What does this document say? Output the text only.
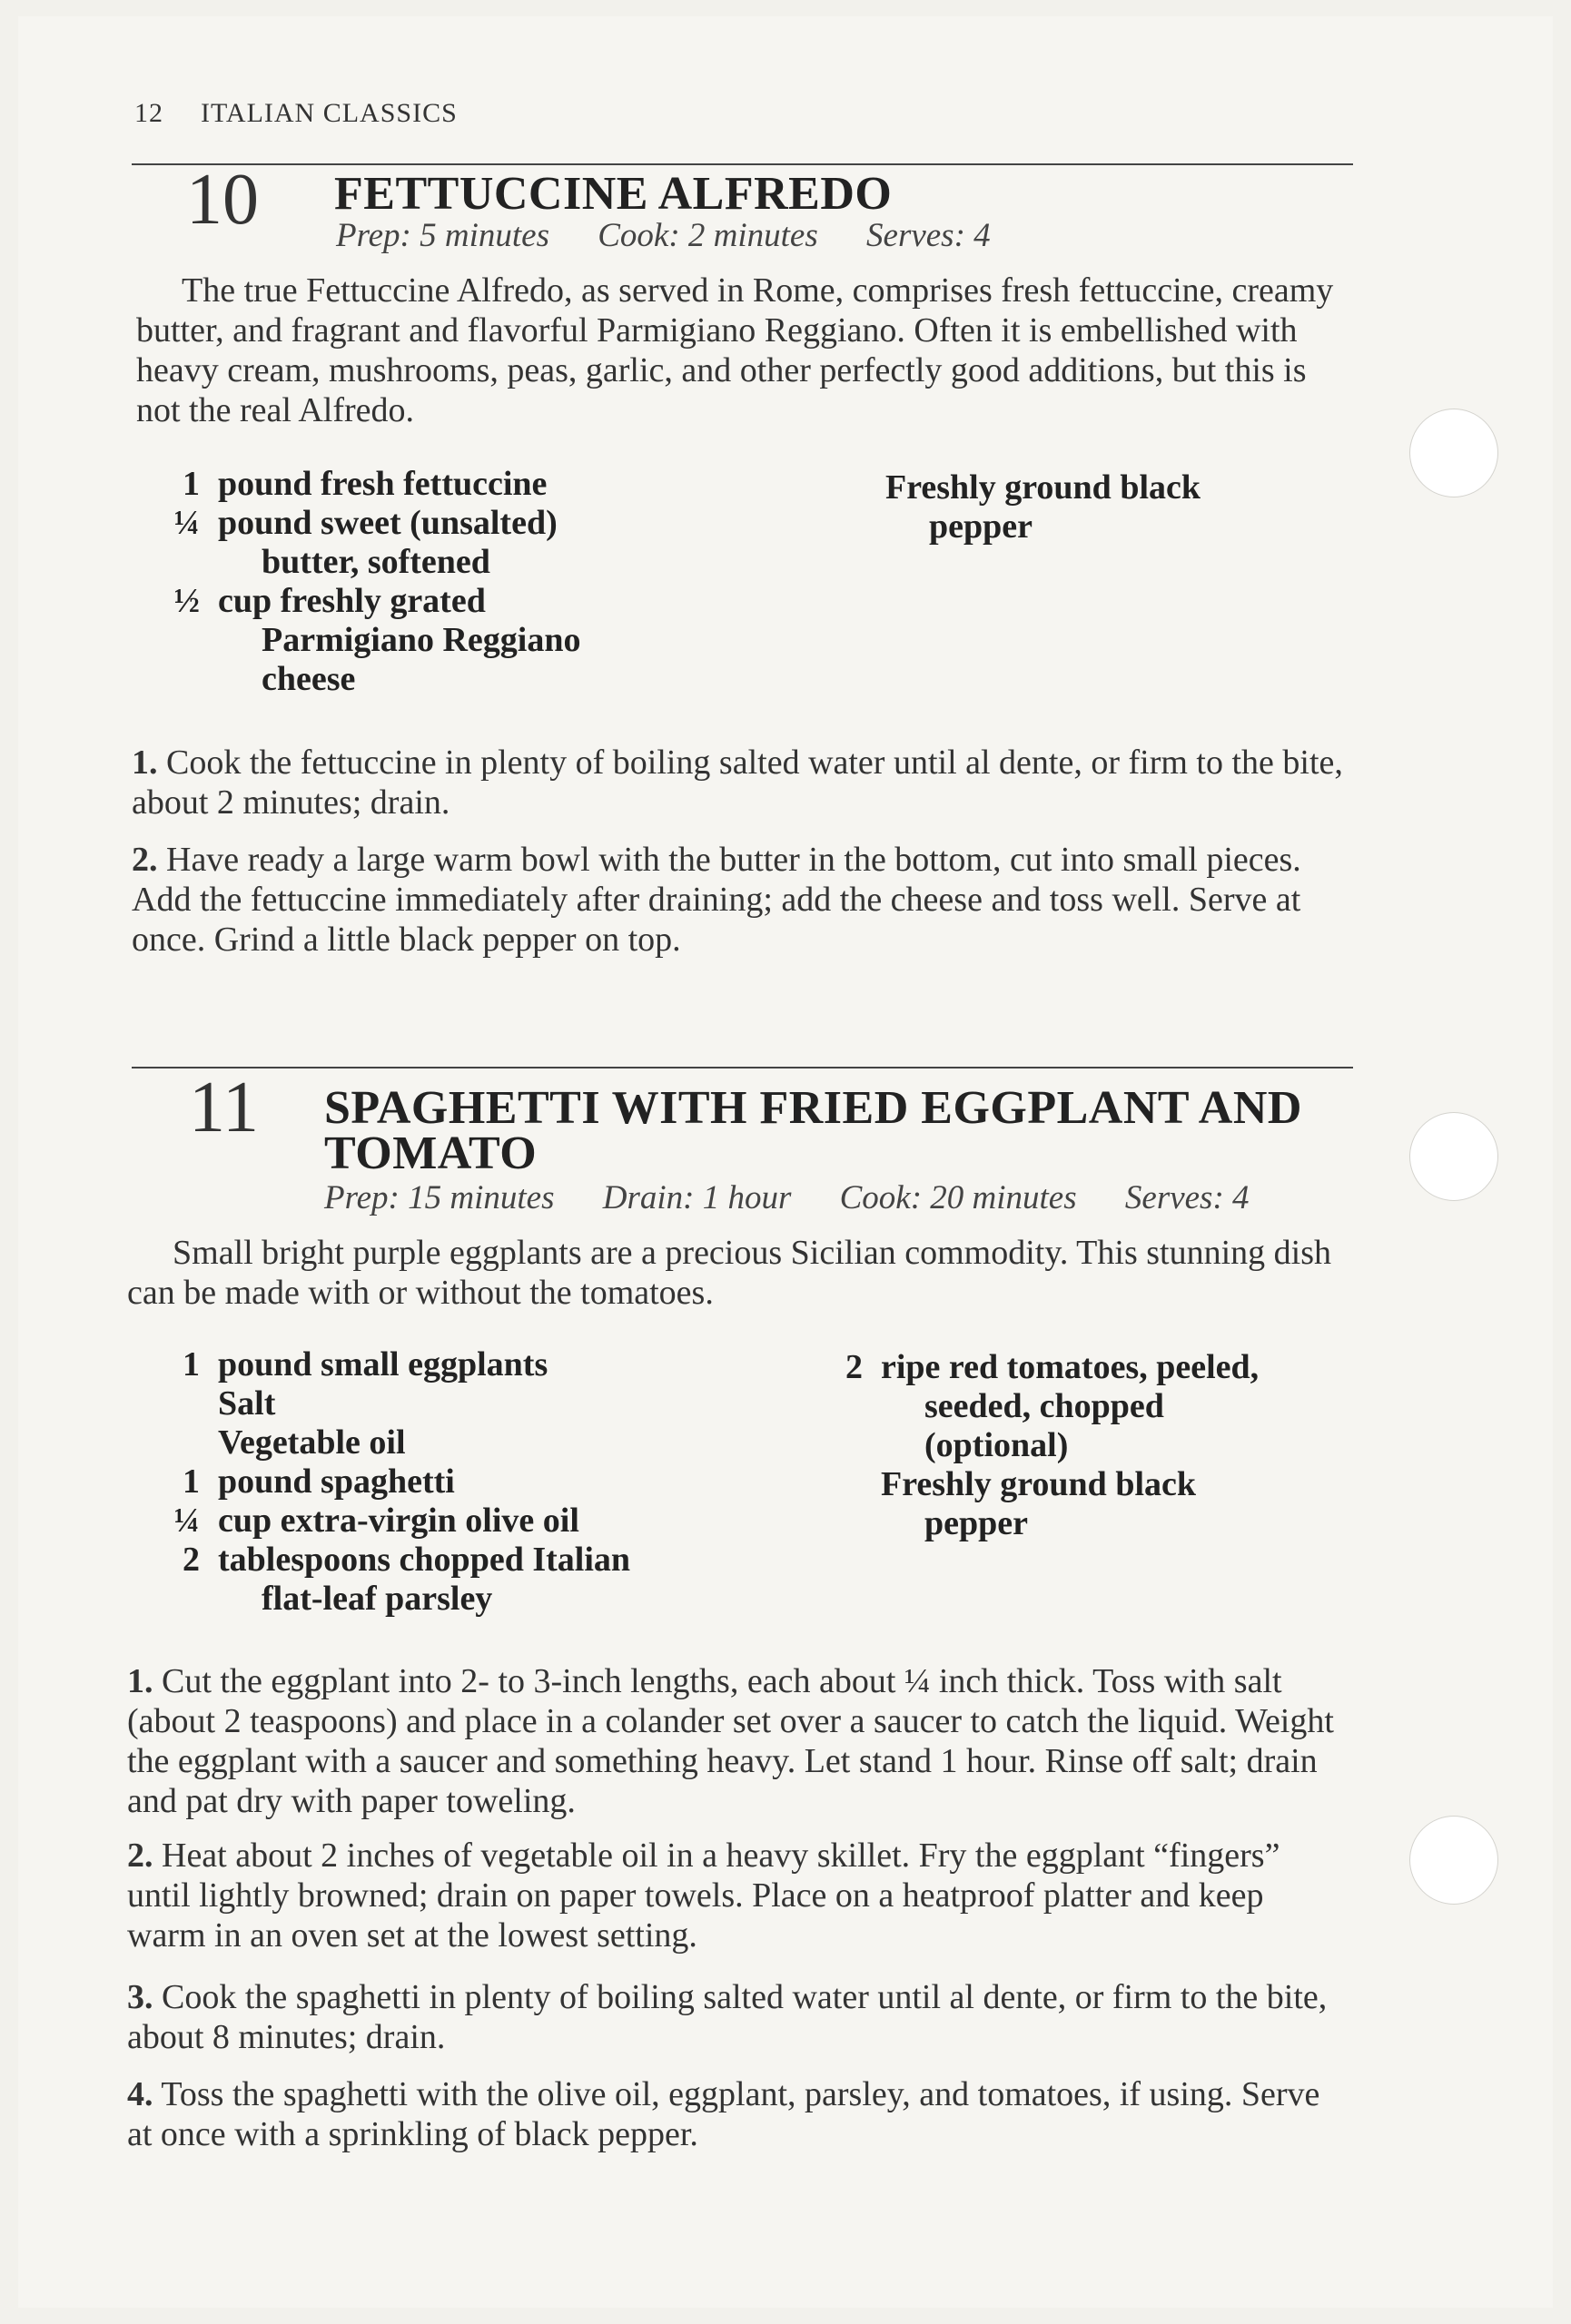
12 ITALIAN CLASSICS
10 FETTUCCINE ALFREDO
Prep: 5 minutes Cook: 2 minutes Serves: 4
The true Fettuccine Alfredo, as served in Rome, comprises fresh fettuccine, creamy butter, and fragrant and flavorful Parmigiano Reggiano. Often it is embellished with heavy cream, mushrooms, peas, garlic, and other perfectly good additions, but this is not the real Alfredo.
1 pound fresh fettuccine
¼ pound sweet (unsalted)
butter, softened
½ cup freshly grated
Parmigiano Reggiano
cheese
Freshly ground black
pepper
1. Cook the fettuccine in plenty of boiling salted water until al dente, or firm to the bite, about 2 minutes; drain.
2. Have ready a large warm bowl with the butter in the bottom, cut into small pieces. Add the fettuccine immediately after draining; add the cheese and toss well. Serve at once. Grind a little black pepper on top.
11 SPAGHETTI WITH FRIED EGGPLANT AND
TOMATO
Prep: 15 minutes Drain: 1 hour Cook: 20 minutes Serves: 4
Small bright purple eggplants are a precious Sicilian commodity. This stunning dish can be made with or without the tomatoes.
1 pound small eggplants
Salt
Vegetable oil
1 pound spaghetti
¼ cup extra-virgin olive oil
2 tablespoons chopped Italian
flat-leaf parsley
2 ripe red tomatoes, peeled,
seeded, chopped
(optional)
Freshly ground black
pepper
1. Cut the eggplant into 2- to 3-inch lengths, each about ¼ inch thick. Toss with salt (about 2 teaspoons) and place in a colander set over a saucer to catch the liquid. Weight the eggplant with a saucer and something heavy. Let stand 1 hour. Rinse off salt; drain and pat dry with paper toweling.
2. Heat about 2 inches of vegetable oil in a heavy skillet. Fry the eggplant “fingers” until lightly browned; drain on paper towels. Place on a heatproof platter and keep warm in an oven set at the lowest setting.
3. Cook the spaghetti in plenty of boiling salted water until al dente, or firm to the bite, about 8 minutes; drain.
4. Toss the spaghetti with the olive oil, eggplant, parsley, and tomatoes, if using. Serve at once with a sprinkling of black pepper.
